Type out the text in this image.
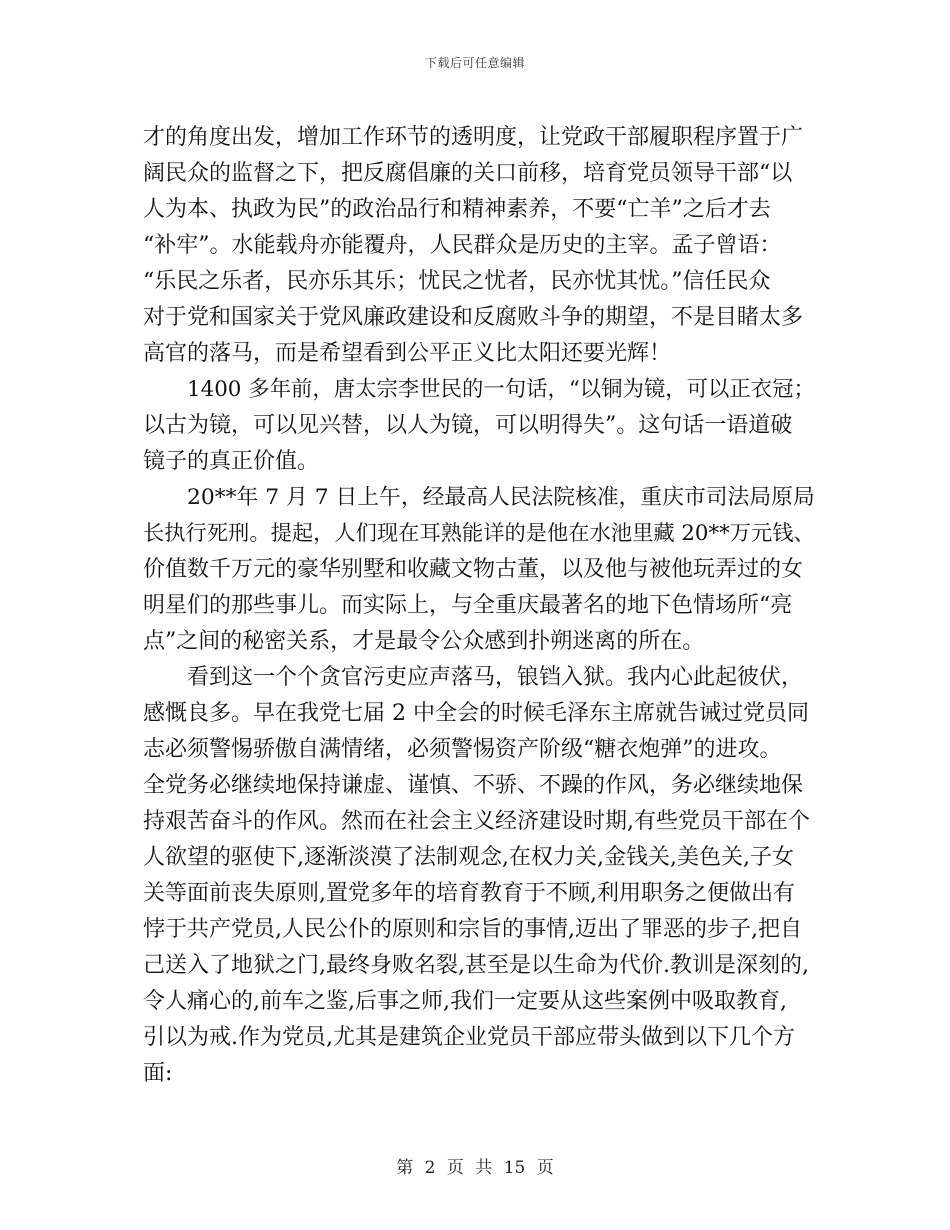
下载后可任意编辑
才的角度出发，增加工作环节的透明度，让党政干部履职程序置于广
阔民众的监督之下，把反腐倡廉的关口前移，培育党员领导干部“以
人为本、执政为民”的政治品行和精神素养，不要“亡羊”之后才去
“补牢”。水能载舟亦能覆舟，人民群众是历史的主宰。孟子曾语：
“乐民之乐者，民亦乐其乐；忧民之忧者，民亦忧其忧。”信任民众
对于党和国家关于党风廉政建设和反腐败斗争的期望，不是目睹太多
高官的落马，而是希望看到公平正义比太阳还要光辉！
1400 多年前，唐太宗李世民的一句话，“以铜为镜，可以正衣冠；
以古为镜，可以见兴替，以人为镜，可以明得失”。这句话一语道破
镜子的真正价值。
20**年 7 月 7 日上午，经最高人民法院核准，重庆市司法局原局
长执行死刑。提起，人们现在耳熟能详的是他在水池里藏 20**万元钱、
价值数千万元的豪华别墅和收藏文物古董，以及他与被他玩弄过的女
明星们的那些事儿。而实际上，与全重庆最著名的地下色情场所“亮
点”之间的秘密关系，才是最令公众感到扑朔迷离的所在。
看到这一个个贪官污吏应声落马，锒铛入狱。我内心此起彼伏，
感慨良多。早在我党七届 2 中全会的时候毛泽东主席就告诫过党员同
志必须警惕骄傲自满情绪，必须警惕资产阶级“糖衣炮弹”的进攻。
全党务必继续地保持谦虚、谨慎、不骄、不躁的作风，务必继续地保
持艰苦奋斗的作风。然而在社会主义经济建设时期,有些党员干部在个
人欲望的驱使下,逐渐淡漠了法制观念,在权力关,金钱关,美色关,子女
关等面前丧失原则,置党多年的培育教育于不顾,利用职务之便做出有
悖于共产党员,人民公仆的原则和宗旨的事情,迈出了罪恶的步子,把自
己送入了地狱之门,最终身败名裂,甚至是以生命为代价.教训是深刻的,
令人痛心的,前车之鉴,后事之师,我们一定要从这些案例中吸取教育,
引以为戒.作为党员,尤其是建筑企业党员干部应带头做到以下几个方
面:
第 2 页 共 15 页
